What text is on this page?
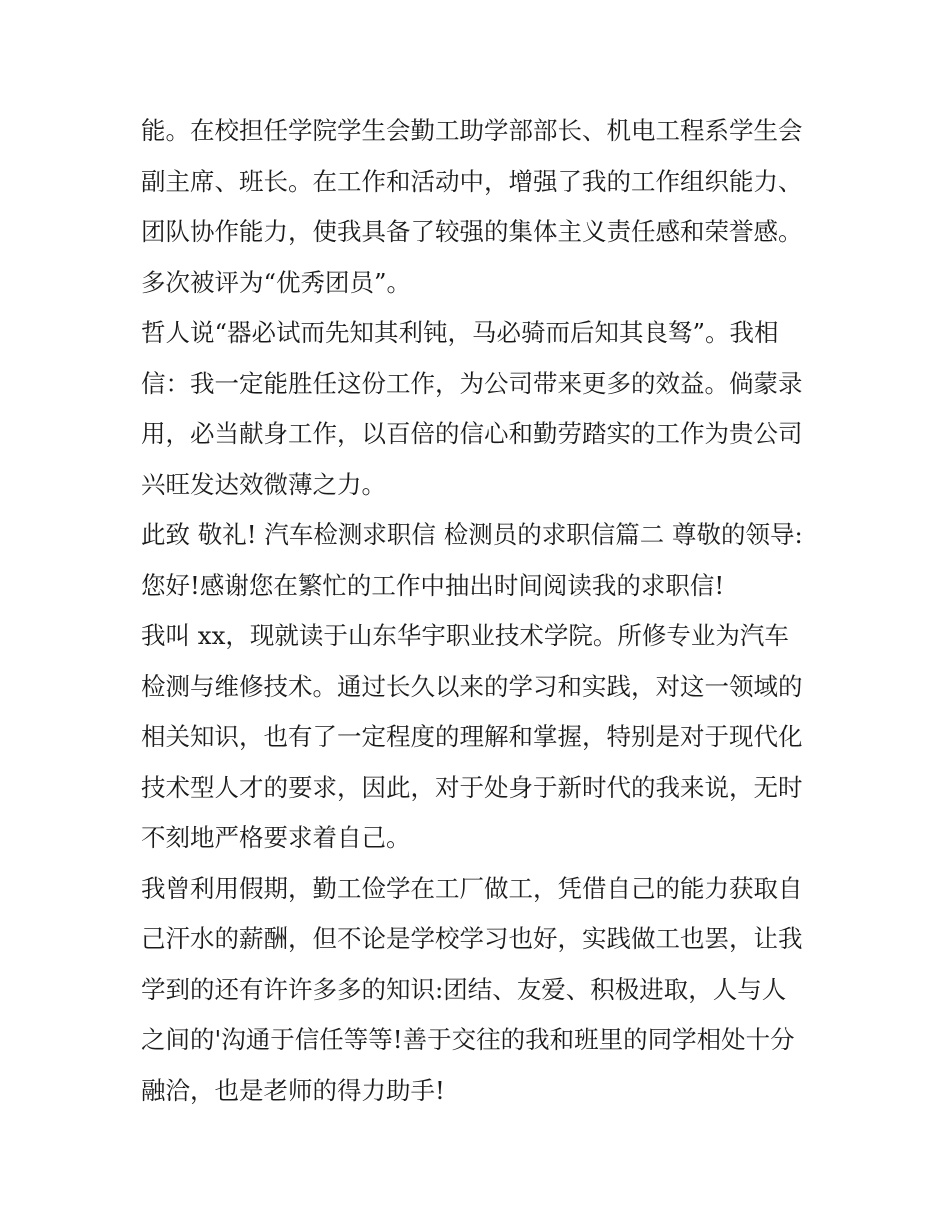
能。在校担任学院学生会勤工助学部部长、机电工程系学生会
副主席、班长。在工作和活动中，增强了我的工作组织能力、
团队协作能力，使我具备了较强的集体主义责任感和荣誉感。
多次被评为“优秀团员”。
哲人说“器必试而先知其利钝，马必骑而后知其良驽”。我相
信：我一定能胜任这份工作，为公司带来更多的效益。倘蒙录
用，必当献身工作，以百倍的信心和勤劳踏实的工作为贵公司
兴旺发达效微薄之力。
此致 敬礼! 汽车检测求职信 检测员的求职信篇二 尊敬的领导:
您好!感谢您在繁忙的工作中抽出时间阅读我的求职信!
我叫 xx，现就读于山东华宇职业技术学院。所修专业为汽车
检测与维修技术。通过长久以来的学习和实践，对这一领域的
相关知识，也有了一定程度的理解和掌握，特别是对于现代化
技术型人才的要求，因此，对于处身于新时代的我来说，无时
不刻地严格要求着自己。
我曾利用假期，勤工俭学在工厂做工，凭借自己的能力获取自
己汗水的薪酬，但不论是学校学习也好，实践做工也罢，让我
学到的还有许许多多的知识:团结、友爱、积极进取，人与人
之间的'沟通于信任等等!善于交往的我和班里的同学相处十分
融洽，也是老师的得力助手!
